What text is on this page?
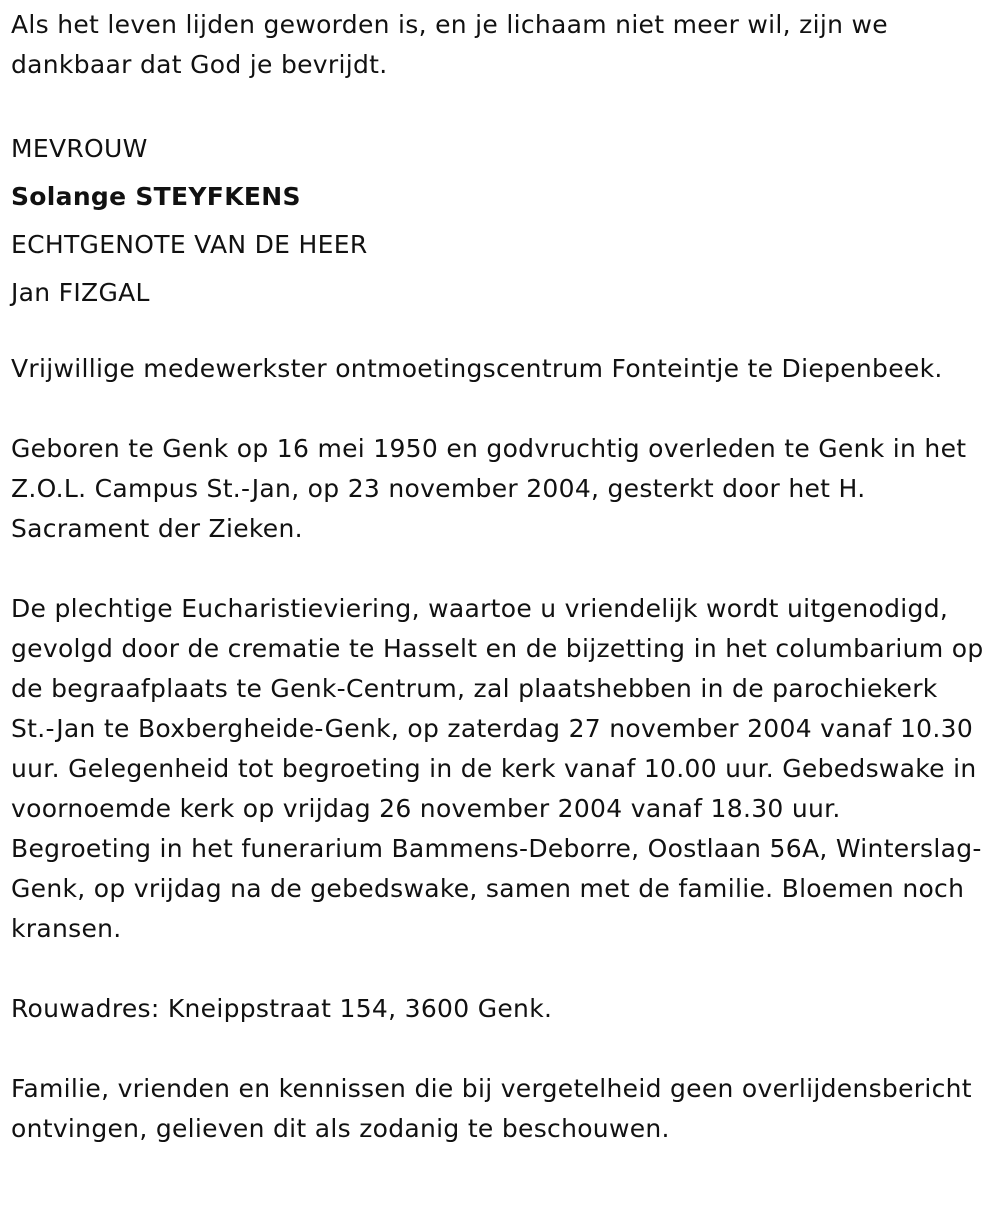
Als het leven lijden geworden is, en je lichaam niet meer wil, zijn we dankbaar dat God je bevrijdt.

MEVROUW
Solange STEYFKENS
ECHTGENOTE VAN DE HEER
Jan FIZGAL

Vrijwillige medewerkster ontmoetingscentrum Fonteintje te Diepenbeek.

Geboren te Genk op 16 mei 1950 en godvruchtig overleden te Genk in het Z.O.L. Campus St.-Jan, op 23 november 2004, gesterkt door het H. Sacrament der Zieken.

De plechtige Eucharistieviering, waartoe u vriendelijk wordt uitgenodigd, gevolgd door de crematie te Hasselt en de bijzetting in het columbarium op de begraafplaats te Genk-Centrum, zal plaatshebben in de parochiekerk St.-Jan te Boxbergheide-Genk, op zaterdag 27 november 2004 vanaf 10.30 uur. Gelegenheid tot begroeting in de kerk vanaf 10.00 uur. Gebedswake in voornoemde kerk op vrijdag 26 november 2004 vanaf 18.30 uur. Begroeting in het funerarium Bammens-Deborre, Oostlaan 56A, Winterslag-Genk, op vrijdag na de gebedswake, samen met de familie. Bloemen noch kransen.

Rouwadres: Kneippstraat 154, 3600 Genk.

Familie, vrienden en kennissen die bij vergetelheid geen overlijdensbericht ontvingen, gelieven dit als zodanig te beschouwen.
